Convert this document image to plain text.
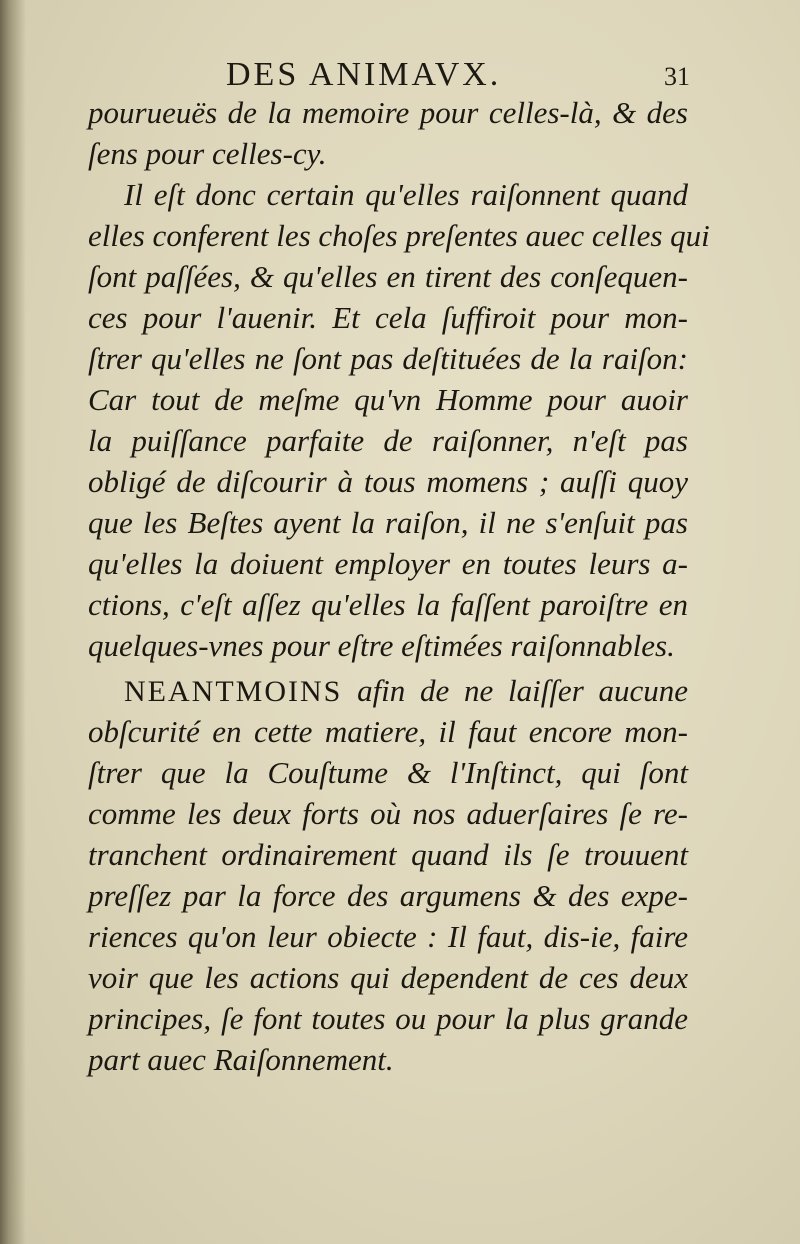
DES ANIMAVX.	31
pourueuës de la memoire pour celles-là, & des
ſens pour celles-cy.
Il eſt donc certain qu'elles raiſonnent quand
elles conferent les choſes preſentes auec celles qui
ſont paſſées, & qu'elles en tirent des conſequen-
ces pour l'auenir. Et cela ſuffiroit pour mon-
ſtrer qu'elles ne ſont pas deſtituées de la raiſon:
Car tout de meſme qu'vn Homme pour auoir
la puiſſance parfaite de raiſonner, n'eſt pas
obligé de diſcourir à tous momens ; auſſi quoy
que les Beſtes ayent la raiſon, il ne s'enſuit pas
qu'elles la doiuent employer en toutes leurs a-
ctions, c'eſt aſſez qu'elles la faſſent paroiſtre en
quelques-vnes pour eſtre eſtimées raiſonnables.
NEANTMOINS afin de ne laiſſer aucune
obſcurité en cette matiere, il faut encore mon-
ſtrer que la Couſtume & l'Inſtinct, qui ſont
comme les deux forts où nos aduerſaires ſe re-
tranchent ordinairement quand ils ſe trouuent
preſſez par la force des argumens & des expe-
riences qu'on leur obiecte : Il faut, dis-ie, faire
voir que les actions qui dependent de ces deux
principes, ſe font toutes ou pour la plus grande
part auec Raiſonnement.
